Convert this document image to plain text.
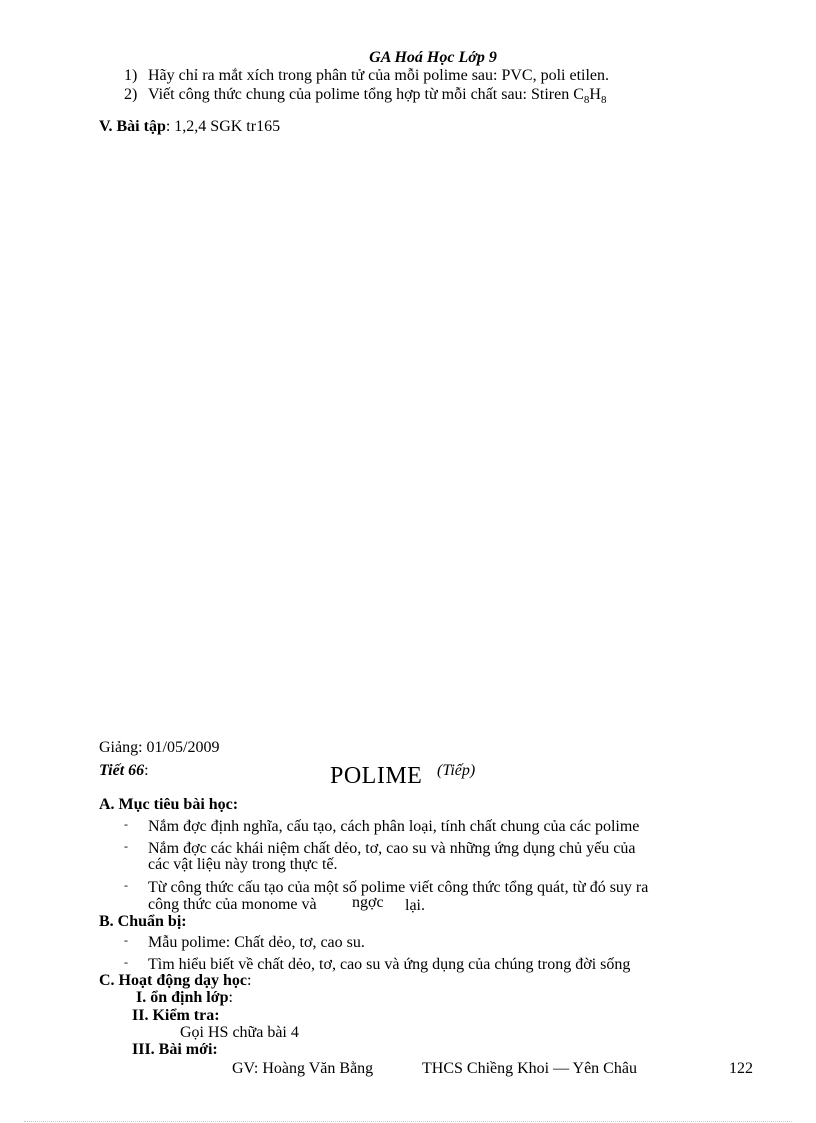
GA Hoá Học Lớp 9
1) Hãy chỉ ra mắt xích trong phân tử của mỗi polime sau: PVC, poli etilen.
2) Viết công thức chung của polime tổng hợp từ mỗi chất sau: Stiren $C_8H_8$
V. Bài tập: 1,2,4 SGK tr165
Giảng: 01/05/2009
Tiết 66:	POLIME (Tiếp)
A. Mục tiêu bài học:
- Nắm đợc định nghĩa, cấu tạo, cách phân loại, tính chất chung của các polime
- Nắm đợc các khái niệm chất dẻo, tơ, cao su và những ứng dụng chủ yếu của
các vật liệu này trong thực tế.
- Từ công thức cấu tạo của một số polime viết công thức tổng quát, từ đó suy ra
công thức của monome và ngợc lại.
B. Chuẩn bị:
- Mẫu polime: Chất dẻo, tơ, cao su.
- Tìm hiểu biết về chất dẻo, tơ, cao su và ứng dụng của chúng trong đời sống
C. Hoạt động dạy học:
I. ổn định lớp:
II. Kiểm tra:
Gọi HS chữa bài 4
III. Bài mới:
GV: Hoàng Văn Bằng	THCS Chiềng Khoi — Yên Châu	122
